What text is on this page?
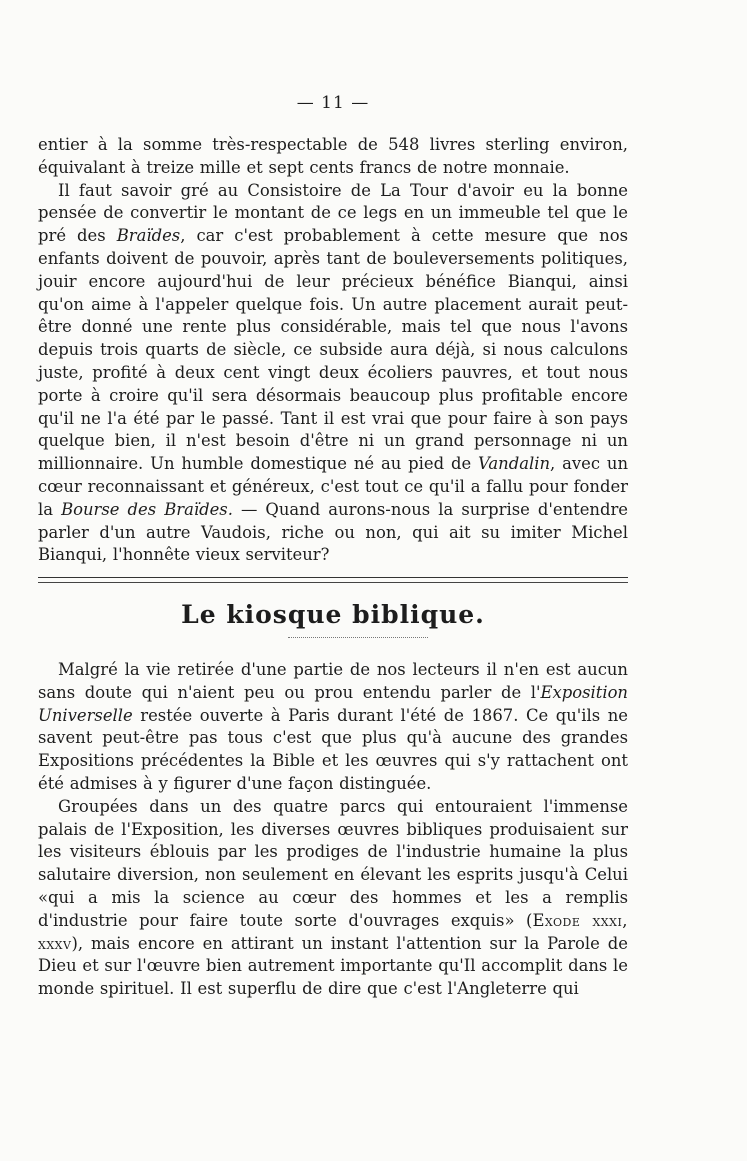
— 11 —

entier à la somme très-respectable de 548 livres sterling environ, équivalant à treize mille et sept cents francs de notre monnaie.

Il faut savoir gré au Consistoire de La Tour d'avoir eu la bonne pensée de convertir le montant de ce legs en un immeuble tel que le pré des Braïdes, car c'est probablement à cette mesure que nos enfants doivent de pouvoir, après tant de bouleversements politiques, jouir encore aujourd'hui de leur précieux bénéfice Bianqui, ainsi qu'on aime à l'appeler quelque fois. Un autre placement aurait peut-être donné une rente plus considérable, mais tel que nous l'avons depuis trois quarts de siècle, ce subside aura déjà, si nous calculons juste, profité à deux cent vingt deux écoliers pauvres, et tout nous porte à croire qu'il sera désormais beaucoup plus profitable encore qu'il ne l'a été par le passé. Tant il est vrai que pour faire à son pays quelque bien, il n'est besoin d'être ni un grand personnage ni un millionnaire. Un humble domestique né au pied de Vandalin, avec un cœur reconnaissant et généreux, c'est tout ce qu'il a fallu pour fonder la Bourse des Braïdes. — Quand aurons-nous la surprise d'entendre parler d'un autre Vaudois, riche ou non, qui ait su imiter Michel Bianqui, l'honnête vieux serviteur?

Le kiosque biblique.

Malgré la vie retirée d'une partie de nos lecteurs il n'en est aucun sans doute qui n'aient peu ou prou entendu parler de l'Exposition Universelle restée ouverte à Paris durant l'été de 1867. Ce qu'ils ne savent peut-être pas tous c'est que plus qu'à aucune des grandes Expositions précédentes la Bible et les œuvres qui s'y rattachent ont été admises à y figurer d'une façon distinguée.

Groupées dans un des quatre parcs qui entouraient l'immense palais de l'Exposition, les diverses œuvres bibliques produisaient sur les visiteurs éblouis par les prodiges de l'industrie humaine la plus salutaire diversion, non seulement en élevant les esprits jusqu'à Celui «qui a mis la science au cœur des hommes et les a remplis d'industrie pour faire toute sorte d'ouvrages exquis» (Exode xxxi, xxxv), mais encore en attirant un instant l'attention sur la Parole de Dieu et sur l'œuvre bien autrement importante qu'Il accomplit dans le monde spirituel. Il est superflu de dire que c'est l'Angleterre qui
